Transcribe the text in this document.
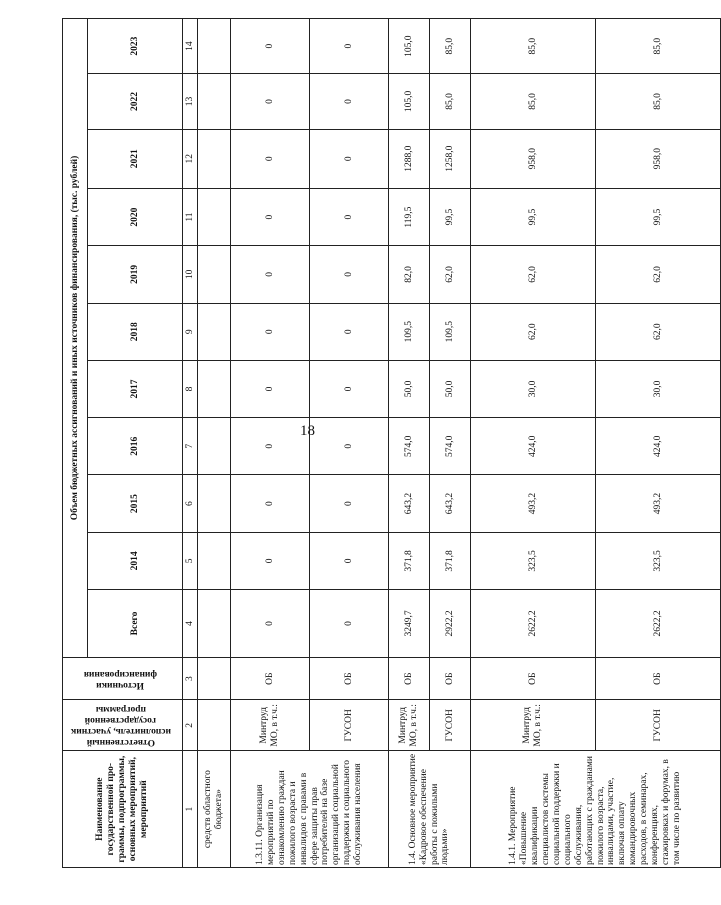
18
Наименование государственной про-граммы, подпрограммы, основных мероприятий, мероприятий	Ответственный исполнитель, участник государственной программы	Источники финансирования	Объем бюджетных ассигнований и иных источников финансирования, (тыс. рублей)										
			Всего	2014	2015	2016	2017	2018	2019	2020	2021	2022	2023
1	2	3	4	5	6	7	8	9	10	11	12	13	14
средств областного бюджета»													
1.3.11. Организация мероприятий по ознакомлению граждан пожилого возраста и инвалидов с правами в сфере защиты прав потребителей на базе организаций социальной поддержки и социального обслуживания населения	Минтруд МО, в т.ч.:	ОБ	0	0	0	0	0	0	0	0	0	0	0
	ГУСОН	ОБ	0	0	0	0	0	0	0	0	0	0	0
1.4. Основное мероприятие «Кадровое обеспечение работы с пожилыми людьми»	Минтруд МО, в т.ч.:	ОБ	3249,7	371,8	643,2	574,0	50,0	109,5	82,0	119,5	1288,0	105,0	105,0
	ГУСОН	ОБ	2922,2	371,8	643,2	574,0	50,0	109,5	62,0	99,5	1258,0	85,0	85,0
1.4.1. Мероприятие «Повышение квалификации специалистов системы социальной поддержки и социального обслуживания, работающих с гражданами пожилого возраста, инвалидами, участие, включая оплату командировочных расходов, в семинарах, конференциях, стажировках и форумах, в том числе по развитию	Минтруд МО, в т.ч.:	ОБ	2622,2	323,5	493,2	424,0	30,0	62,0	62,0	99,5	958,0	85,0	85,0
	ГУСОН	ОБ	2622,2	323,5	493,2	424,0	30,0	62,0	62,0	99,5	958,0	85,0	85,0
